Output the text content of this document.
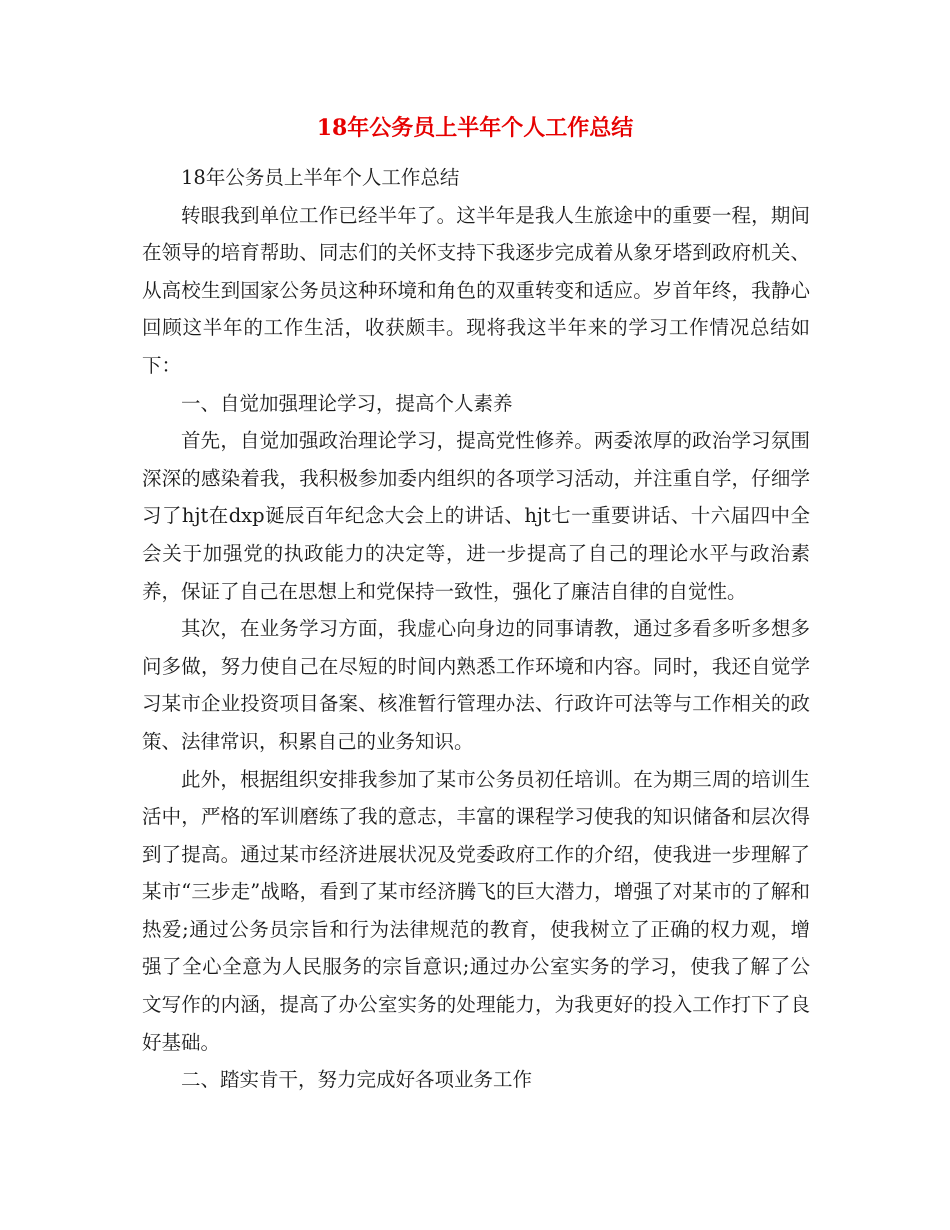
18年公务员上半年个人工作总结

18年公务员上半年个人工作总结

转眼我到单位工作已经半年了。这半年是我人生旅途中的重要一程，期间在领导的培育帮助、同志们的关怀支持下我逐步完成着从象牙塔到政府机关、从高校生到国家公务员这种环境和角色的双重转变和适应。岁首年终，我静心回顾这半年的工作生活，收获颇丰。现将我这半年来的学习工作情况总结如下：

一、自觉加强理论学习，提高个人素养

首先，自觉加强政治理论学习，提高党性修养。两委浓厚的政治学习氛围深深的感染着我，我积极参加委内组织的各项学习活动，并注重自学，仔细学习了hjt在dxp诞辰百年纪念大会上的讲话、hjt七一重要讲话、十六届四中全会关于加强党的执政能力的决定等，进一步提高了自己的理论水平与政治素养，保证了自己在思想上和党保持一致性，强化了廉洁自律的自觉性。

其次，在业务学习方面，我虚心向身边的同事请教，通过多看多听多想多问多做，努力使自己在尽短的时间内熟悉工作环境和内容。同时，我还自觉学习某市企业投资项目备案、核准暂行管理办法、行政许可法等与工作相关的政策、法律常识，积累自己的业务知识。

此外，根据组织安排我参加了某市公务员初任培训。在为期三周的培训生活中，严格的军训磨练了我的意志，丰富的课程学习使我的知识储备和层次得到了提高。通过某市经济进展状况及党委政府工作的介绍，使我进一步理解了某市“三步走”战略，看到了某市经济腾飞的巨大潜力，增强了对某市的了解和热爱;通过公务员宗旨和行为法律规范的教育，使我树立了正确的权力观，增强了全心全意为人民服务的宗旨意识;通过办公室实务的学习，使我了解了公文写作的内涵，提高了办公室实务的处理能力，为我更好的投入工作打下了良好基础。

二、踏实肯干，努力完成好各项业务工作
